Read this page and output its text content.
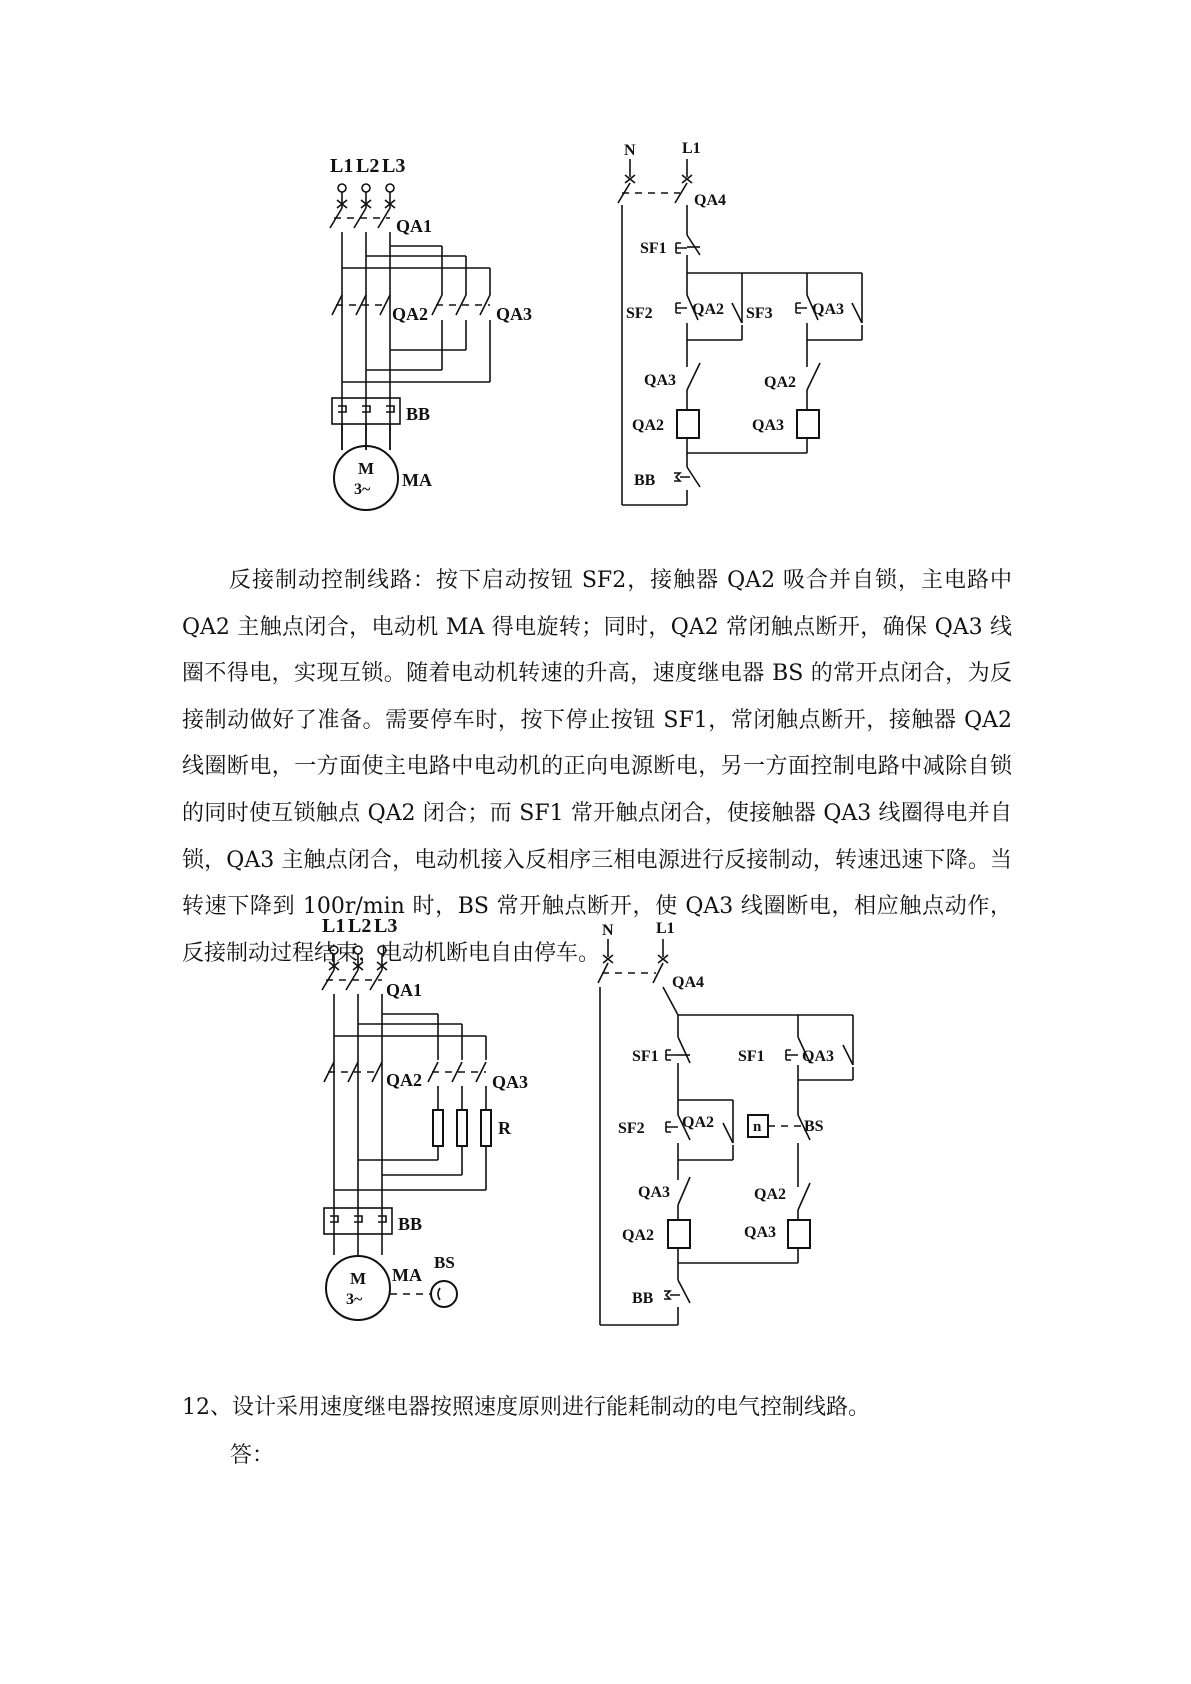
L1 L2 L3
QA1
QA2	QA3
BB
M
3~ MA
N	L1
QA4
SF1
SF2 QA2 SF3 QA3
QA3	QA2
QA2	QA3
BB
反接制动控制线路：按下启动按钮 SF2，接触器 QA2 吸合并自锁，主电路中 QA2 主触点闭合，电动机 MA 得电旋转；同时，QA2 常闭触点断开，确保 QA3 线圈不得电，实现互锁。随着电动机转速的升高，速度继电器 BS 的常开点闭合，为反接制动做好了准备。需要停车时，按下停止按钮 SF1，常闭触点断开，接触器 QA2 线圈断电，一方面使主电路中电动机的正向电源断电，另一方面控制电路中减除自锁的同时使互锁触点 QA2 闭合；而 SF1 常开触点闭合，使接触器 QA3 线圈得电并自锁，QA3 主触点闭合，电动机接入反相序三相电源进行反接制动，转速迅速下降。当转速下降到 100r/min 时，BS 常开触点断开，使 QA3 线圈断电，相应触点动作，反接制动过程结束，电动机断电自由停车。
L1 L2 L3
QA1
QA2	QA3
R
BB
M
3~
MA
BS
N	L1
QA4
SF1	SF1 QA3
SF2 QA2	n	BS
QA3	QA2
QA2	QA3
BB
12、设计采用速度继电器按照速度原则进行能耗制动的电气控制线路。
答：
